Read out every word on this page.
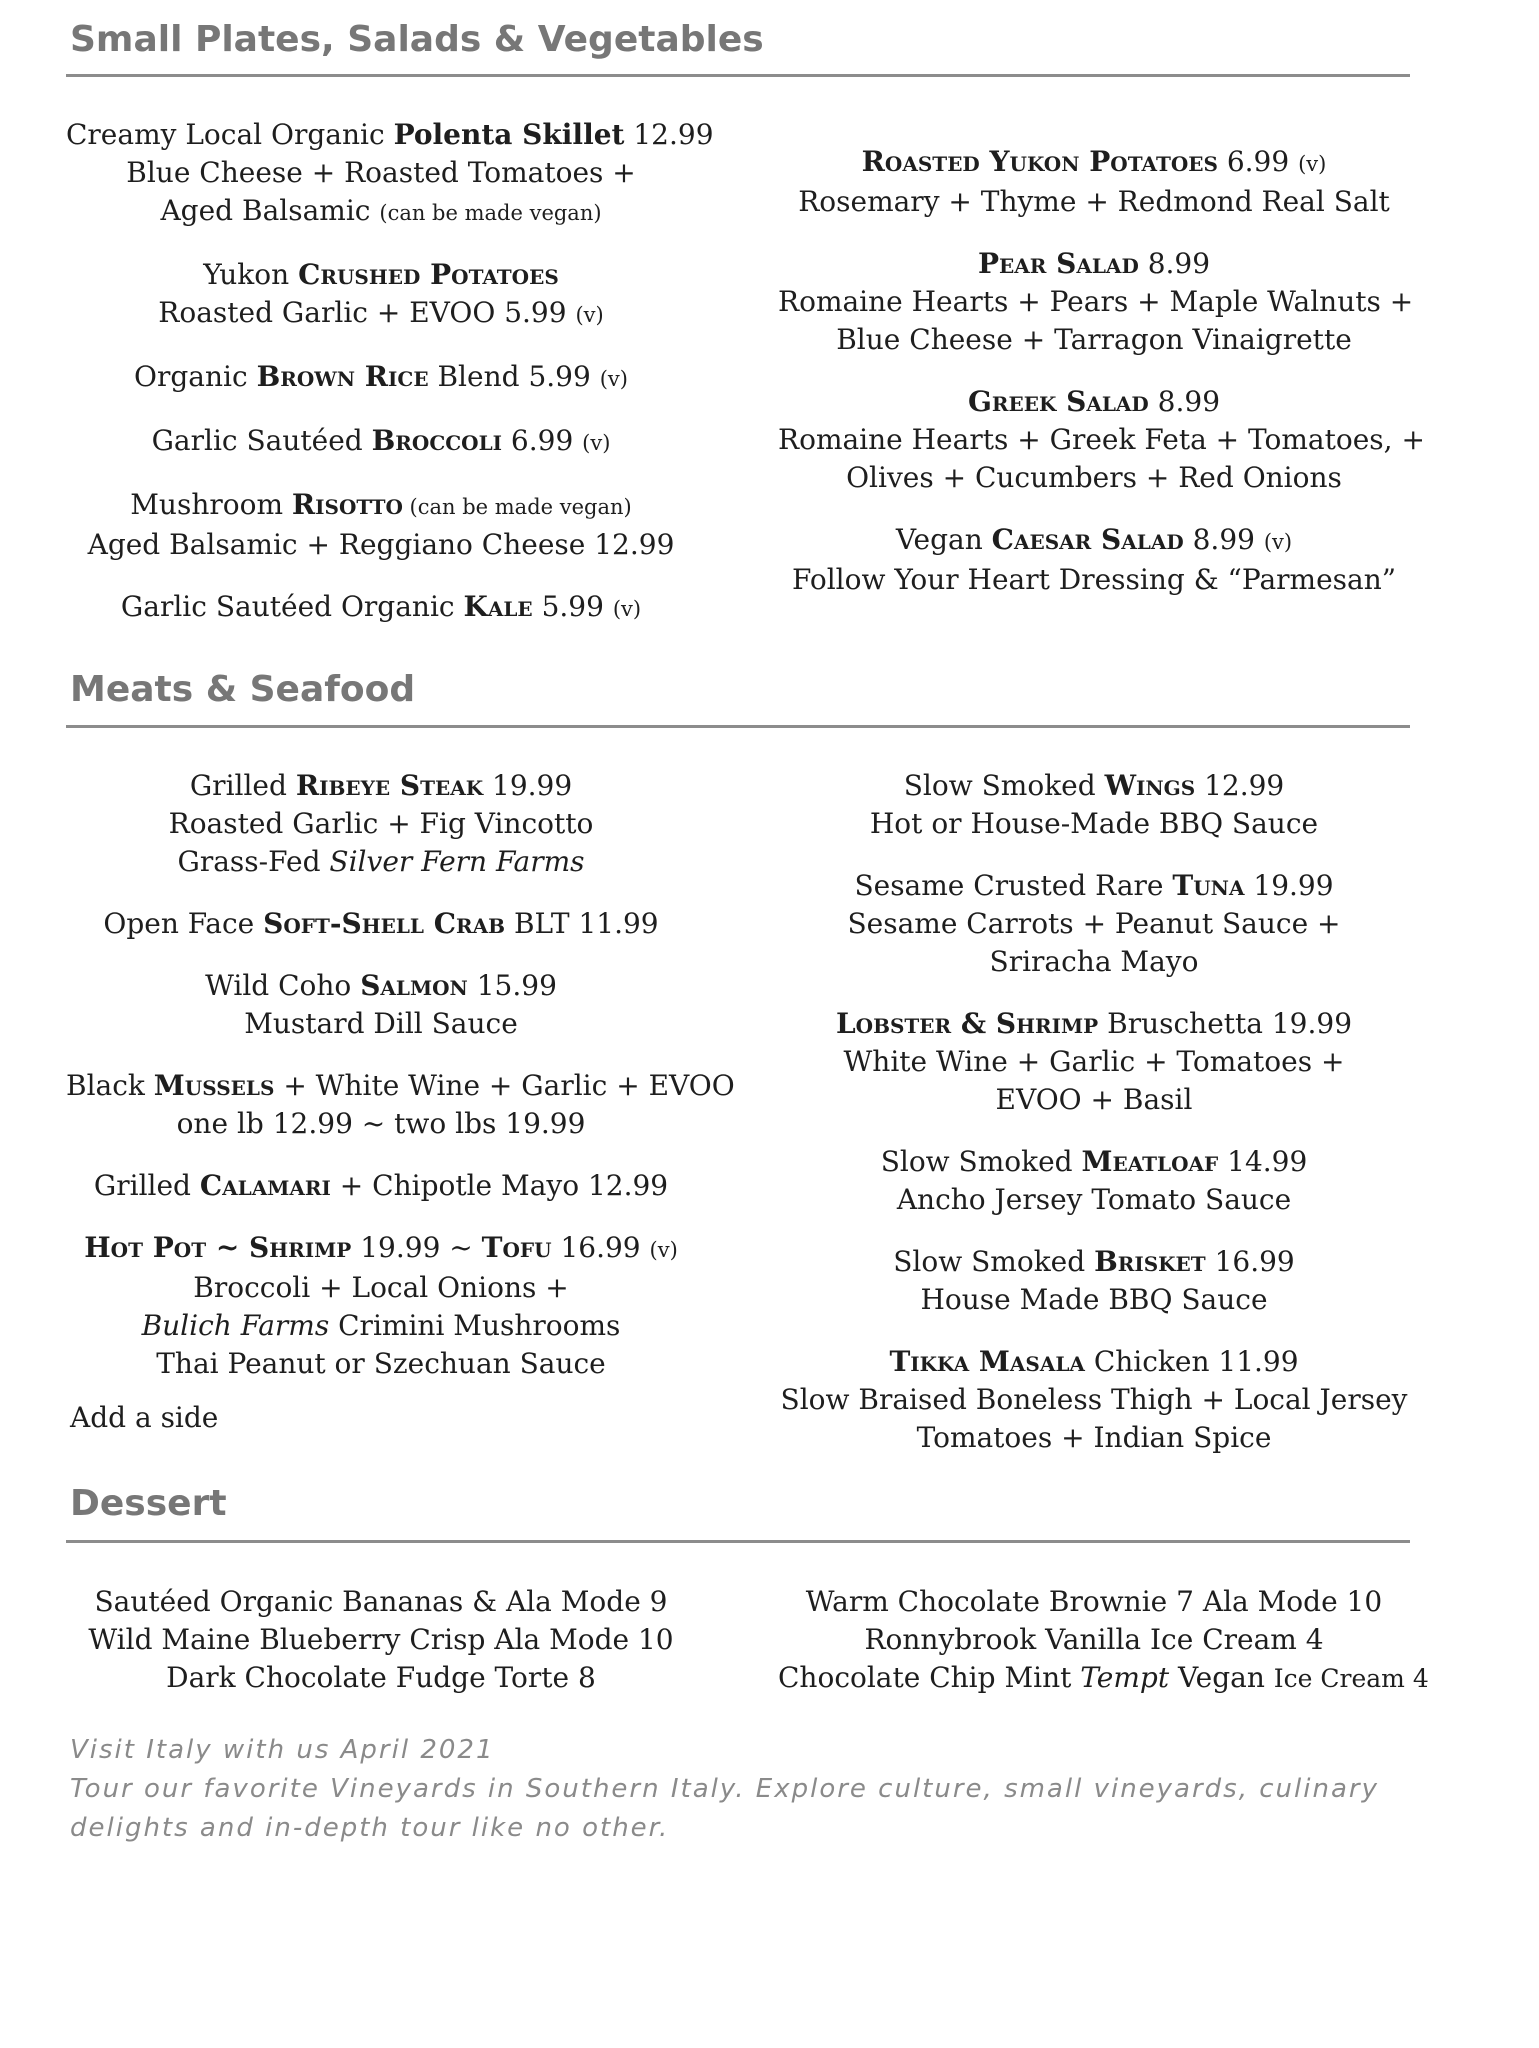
Small Plates, Salads & Vegetables
Creamy Local Organic Polenta Skillet 12.99
Blue Cheese + Roasted Tomatoes +
Aged Balsamic (can be made vegan)
Yukon Crushed Potatoes
Roasted Garlic + EVOO 5.99 (v)
Organic Brown Rice Blend 5.99 (v)
Garlic Sautéed Broccoli 6.99 (v)
Mushroom Risotto (can be made vegan)
Aged Balsamic + Reggiano Cheese 12.99
Garlic Sautéed Organic Kale 5.99 (v)
Roasted Yukon Potatoes 6.99 (v)
Rosemary + Thyme + Redmond Real Salt
Pear Salad 8.99
Romaine Hearts + Pears + Maple Walnuts +
Blue Cheese + Tarragon Vinaigrette
Greek Salad 8.99
Romaine Hearts + Greek Feta + Tomatoes, +
Olives + Cucumbers + Red Onions
Vegan Caesar Salad 8.99 (v)
Follow Your Heart Dressing & “Parmesan”
Meats & Seafood
Grilled Ribeye Steak 19.99
Roasted Garlic + Fig Vincotto
Grass-Fed Silver Fern Farms
Open Face Soft-Shell Crab BLT 11.99
Wild Coho Salmon 15.99
Mustard Dill Sauce
Black Mussels + White Wine + Garlic + EVOO
one lb 12.99 ~ two lbs 19.99
Grilled Calamari + Chipotle Mayo 12.99
Hot Pot ~ Shrimp 19.99 ~ Tofu 16.99 (v)
Broccoli + Local Onions +
Bulich Farms Crimini Mushrooms
Thai Peanut or Szechuan Sauce
Add a side
Slow Smoked Wings 12.99
Hot or House-Made BBQ Sauce
Sesame Crusted Rare Tuna 19.99
Sesame Carrots + Peanut Sauce +
Sriracha Mayo
Lobster & Shrimp Bruschetta 19.99
White Wine + Garlic + Tomatoes +
EVOO + Basil
Slow Smoked Meatloaf 14.99
Ancho Jersey Tomato Sauce
Slow Smoked Brisket 16.99
House Made BBQ Sauce
Tikka Masala Chicken 11.99
Slow Braised Boneless Thigh + Local Jersey
Tomatoes + Indian Spice
Dessert
Sautéed Organic Bananas & Ala Mode 9
Wild Maine Blueberry Crisp Ala Mode 10
Dark Chocolate Fudge Torte 8
Warm Chocolate Brownie 7 Ala Mode 10
Ronnybrook Vanilla Ice Cream 4
Chocolate Chip Mint Tempt Vegan Ice Cream 4
Visit Italy with us April 2021
Tour our favorite Vineyards in Southern Italy. Explore culture, small vineyards, culinary
delights and in-depth tour like no other.
